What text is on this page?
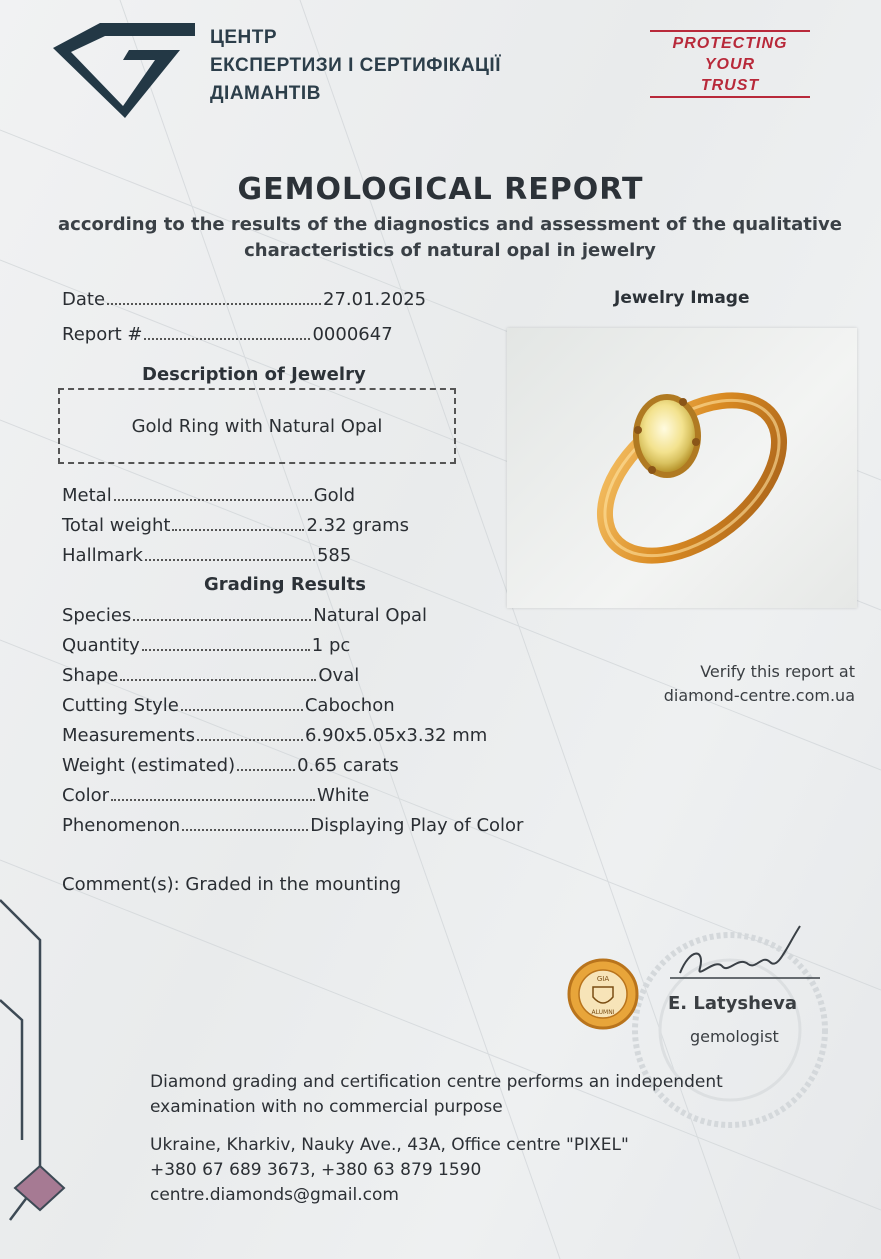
ЦЕНТР
ЕКСПЕРТИЗИ І СЕРТИФІКАЦІЇ
ДІАМАНТІВ
PROTECTING
YOUR
TRUST
GEMOLOGICAL REPORT
according to the results of the diagnostics and assessment of the qualitative
characteristics of natural opal in jewelry
Date	27.01.2025
Report #	0000647
Description of Jewelry
Gold Ring with Natural Opal
Metal	Gold
Total weight	2.32 grams
Hallmark	585
Grading Results
Species	Natural Opal
Quantity	1 pc
Shape	Oval
Cutting Style	Cabochon
Measurements	6.90x5.05x3.32 mm
Weight (estimated)	0.65 carats
Color	White
Phenomenon	Displaying Play of Color
Comment(s): Graded in the mounting
Jewelry Image
Verify this report at
diamond-centre.com.ua
GIA
ALUMNI	E. Latysheva
gemologist
Diamond grading and certification centre performs an independent
examination with no commercial purpose
Ukraine, Kharkiv, Nauky Ave., 43A, Office centre "PIXEL"
+380 67 689 3673, +380 63 879 1590
centre.diamonds@gmail.com
